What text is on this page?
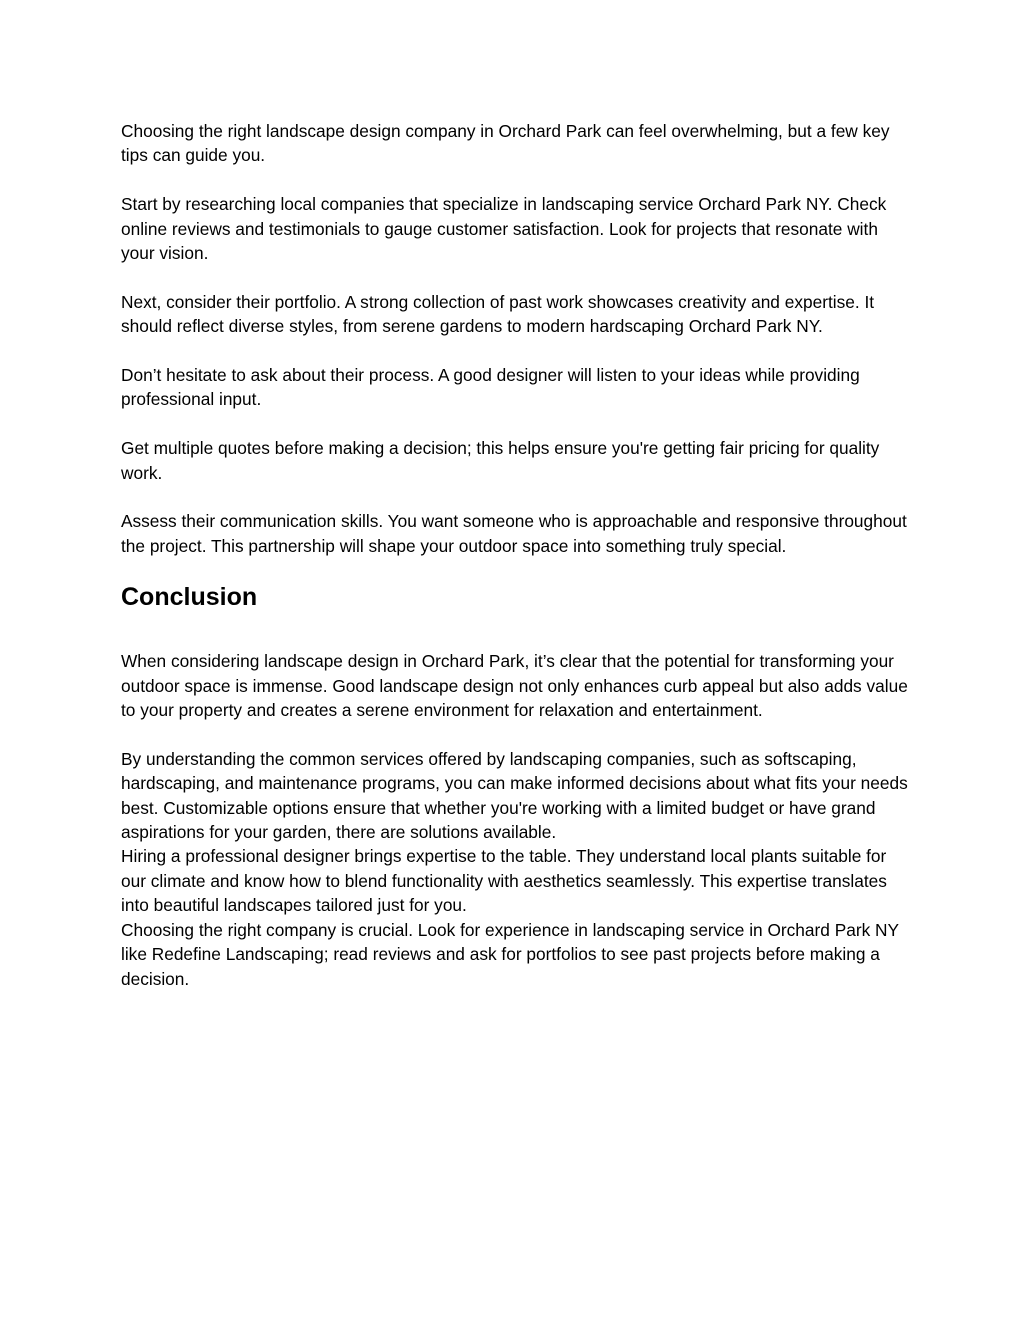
Choosing the right landscape design company in Orchard Park can feel overwhelming, but a few key tips can guide you.

Start by researching local companies that specialize in landscaping service Orchard Park NY. Check online reviews and testimonials to gauge customer satisfaction. Look for projects that resonate with your vision.

Next, consider their portfolio. A strong collection of past work showcases creativity and expertise. It should reflect diverse styles, from serene gardens to modern hardscaping Orchard Park NY.

Don’t hesitate to ask about their process. A good designer will listen to your ideas while providing professional input.

Get multiple quotes before making a decision; this helps ensure you're getting fair pricing for quality work.

Assess their communication skills. You want someone who is approachable and responsive throughout the project. This partnership will shape your outdoor space into something truly special.

Conclusion

When considering landscape design in Orchard Park, it’s clear that the potential for transforming your outdoor space is immense. Good landscape design not only enhances curb appeal but also adds value to your property and creates a serene environment for relaxation and entertainment.

By understanding the common services offered by landscaping companies, such as softscaping, hardscaping, and maintenance programs, you can make informed decisions about what fits your needs best. Customizable options ensure that whether you're working with a limited budget or have grand aspirations for your garden, there are solutions available.

Hiring a professional designer brings expertise to the table. They understand local plants suitable for our climate and know how to blend functionality with aesthetics seamlessly. This expertise translates into beautiful landscapes tailored just for you.

Choosing the right company is crucial. Look for experience in landscaping service in Orchard Park NY like Redefine Landscaping; read reviews and ask for portfolios to see past projects before making a decision.
